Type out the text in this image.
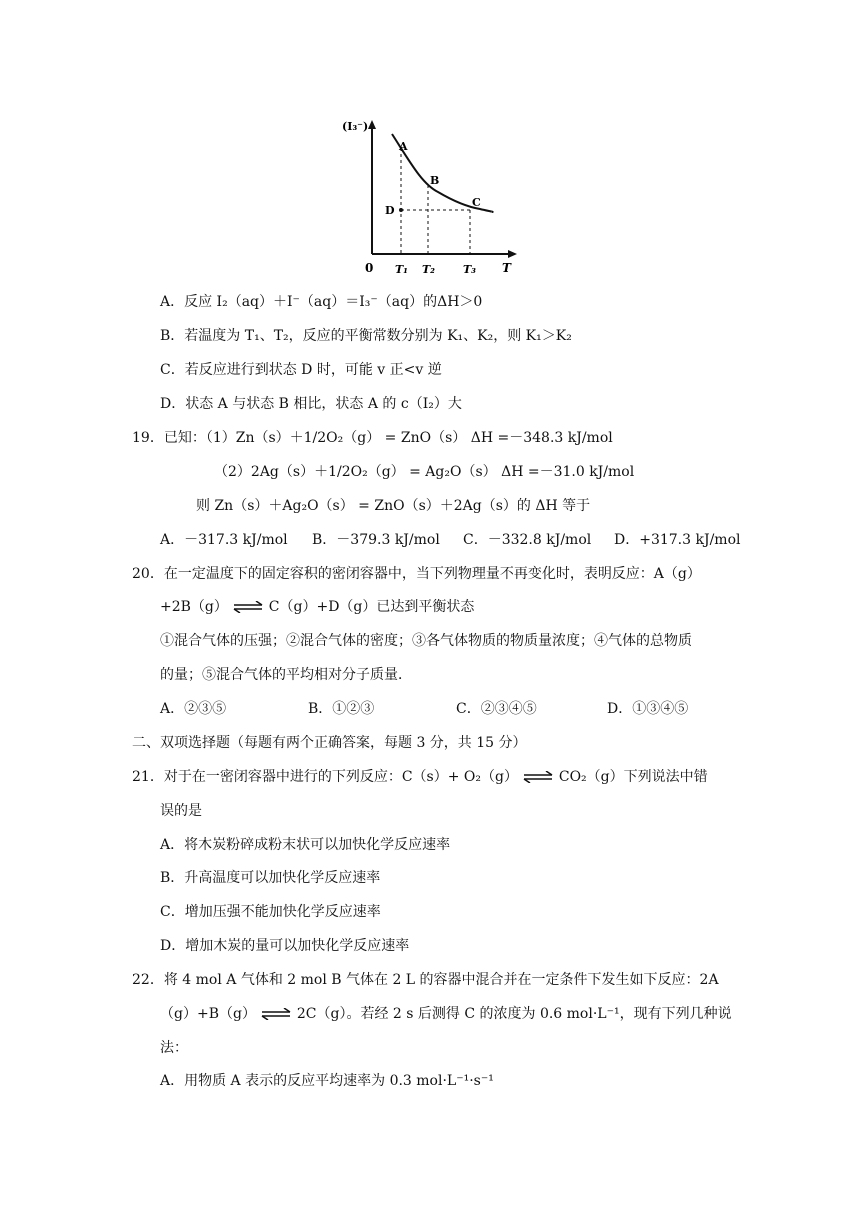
(I₃⁻)
0 T₁ T₂	T₃ T
A
B
C
D
A．反应 I₂（aq）＋I⁻（aq）＝I₃⁻（aq）的ΔH＞0
B．若温度为 T₁、T₂，反应的平衡常数分别为 K₁、K₂，则 K₁＞K₂
C．若反应进行到状态 D 时，可能 v 正<v 逆
D．状态 A 与状态 B 相比，状态 A 的 c（I₂）大
19．已知：（1）Zn（s）＋1/2O₂（g） = ZnO（s） ΔH =－348.3 kJ/mol
（2）2Ag（s）＋1/2O₂（g） = Ag₂O（s） ΔH =－31.0 kJ/mol
则 Zn（s）＋Ag₂O（s） = ZnO（s）＋2Ag（s）的 ΔH 等于
A．－317.3 kJ/mol B．－379.3 kJ/mol C．－332.8 kJ/mol D．+317.3 kJ/mol
20．在一定温度下的固定容积的密闭容器中，当下列物理量不再变化时，表明反应：A（g）
+2B（g） ⇌ C（g）+D（g）已达到平衡状态
①混合气体的压强；②混合气体的密度；③各气体物质的物质量浓度；④气体的总物质
的量；⑤混合气体的平均相对分子质量．
A．②③⑤	B．①②③	C．②③④⑤	D．①③④⑤
二、双项选择题（每题有两个正确答案，每题 3 分，共 15 分）
21．对于在一密闭容器中进行的下列反应：C（s）+ O₂（g） ⇌ CO₂（g）下列说法中错
误的是
A．将木炭粉碎成粉末状可以加快化学反应速率
B．升高温度可以加快化学反应速率
C．增加压强不能加快化学反应速率
D．增加木炭的量可以加快化学反应速率
22．将 4 mol A 气体和 2 mol B 气体在 2 L 的容器中混合并在一定条件下发生如下反应：2A
（g）+B（g） ⇌ 2C（g）。若经 2 s 后测得 C 的浓度为 0.6 mol·L⁻¹，现有下列几种说
法：
A．用物质 A 表示的反应平均速率为 0.3 mol·L⁻¹·s⁻¹
